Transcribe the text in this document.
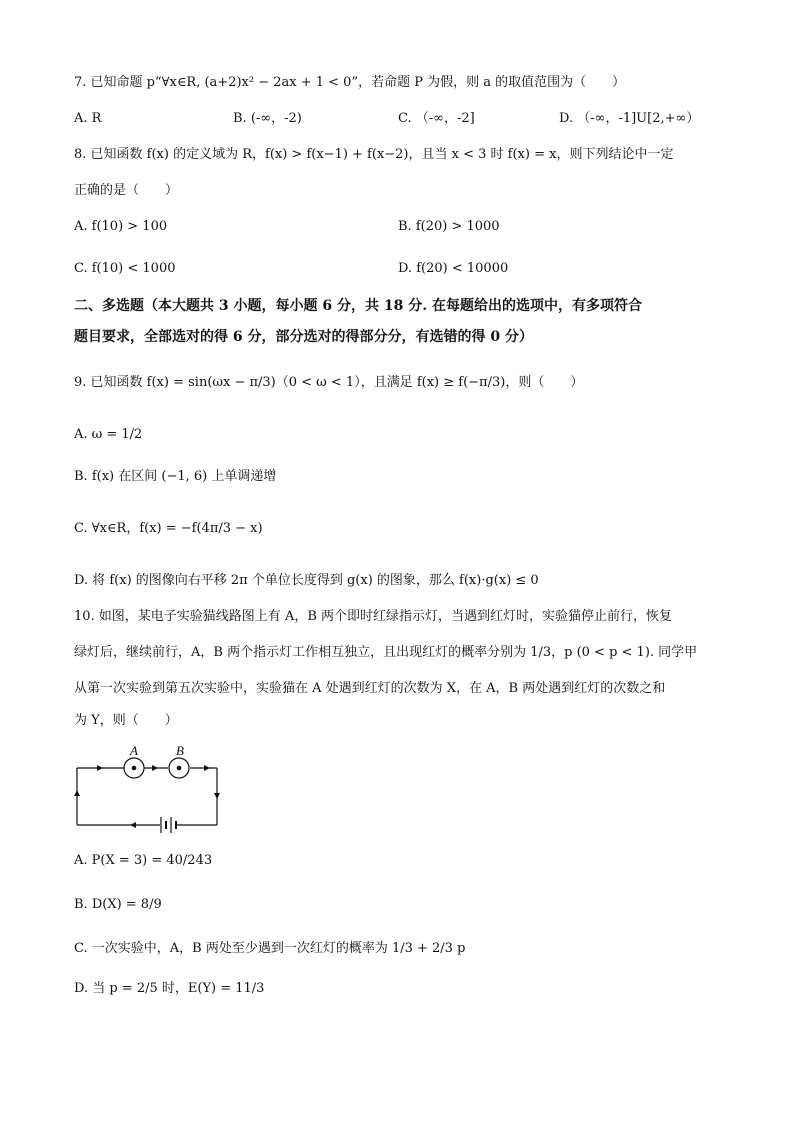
7. 已知命题 p“∀x∈R, (a+2)x² − 2ax + 1 < 0”，若命题 P 为假，则 a 的取值范围为（　　）
A. R	B. (-∞，-2)	C. （-∞，-2]	D. （-∞，-1]U[2,+∞）
8. 已知函数 f(x) 的定义域为 R，f(x) > f(x−1) + f(x−2)，且当 x < 3 时 f(x) = x，则下列结论中一定
正确的是（　　）
A. f(10) > 100	B. f(20) > 1000
C. f(10) < 1000	D. f(20) < 10000
二、多选题（本大题共 3 小题，每小题 6 分，共 18 分. 在每题给出的选项中，有多项符合
题目要求，全部选对的得 6 分，部分选对的得部分分，有选错的得 0 分）
9. 已知函数 f(x) = sin(ωx − π/3)（0 < ω < 1），且满足 f(x) ≥ f(−π/3)，则（　　）
A. ω = 1/2
B. f(x) 在区间 (−1, 6) 上单调递增
C. ∀x∈R，f(x) = −f(4π/3 − x)
D. 将 f(x) 的图像向右平移 2π 个单位长度得到 g(x) 的图象，那么 f(x)·g(x) ≤ 0
10. 如图，某电子实验猫线路图上有 A，B 两个即时红绿指示灯，当遇到红灯时，实验猫停止前行，恢复
绿灯后，继续前行，A，B 两个指示灯工作相互独立，且出现红灯的概率分别为 1/3，p (0 < p < 1). 同学甲
从第一次实验到第五次实验中，实验猫在 A 处遇到红灯的次数为 X，在 A，B 两处遇到红灯的次数之和
为 Y，则（　　）
A	B
A. P(X = 3) = 40/243
B. D(X) = 8/9
C. 一次实验中，A，B 两处至少遇到一次红灯的概率为 1/3 + 2/3 p
D. 当 p = 2/5 时，E(Y) = 11/3
